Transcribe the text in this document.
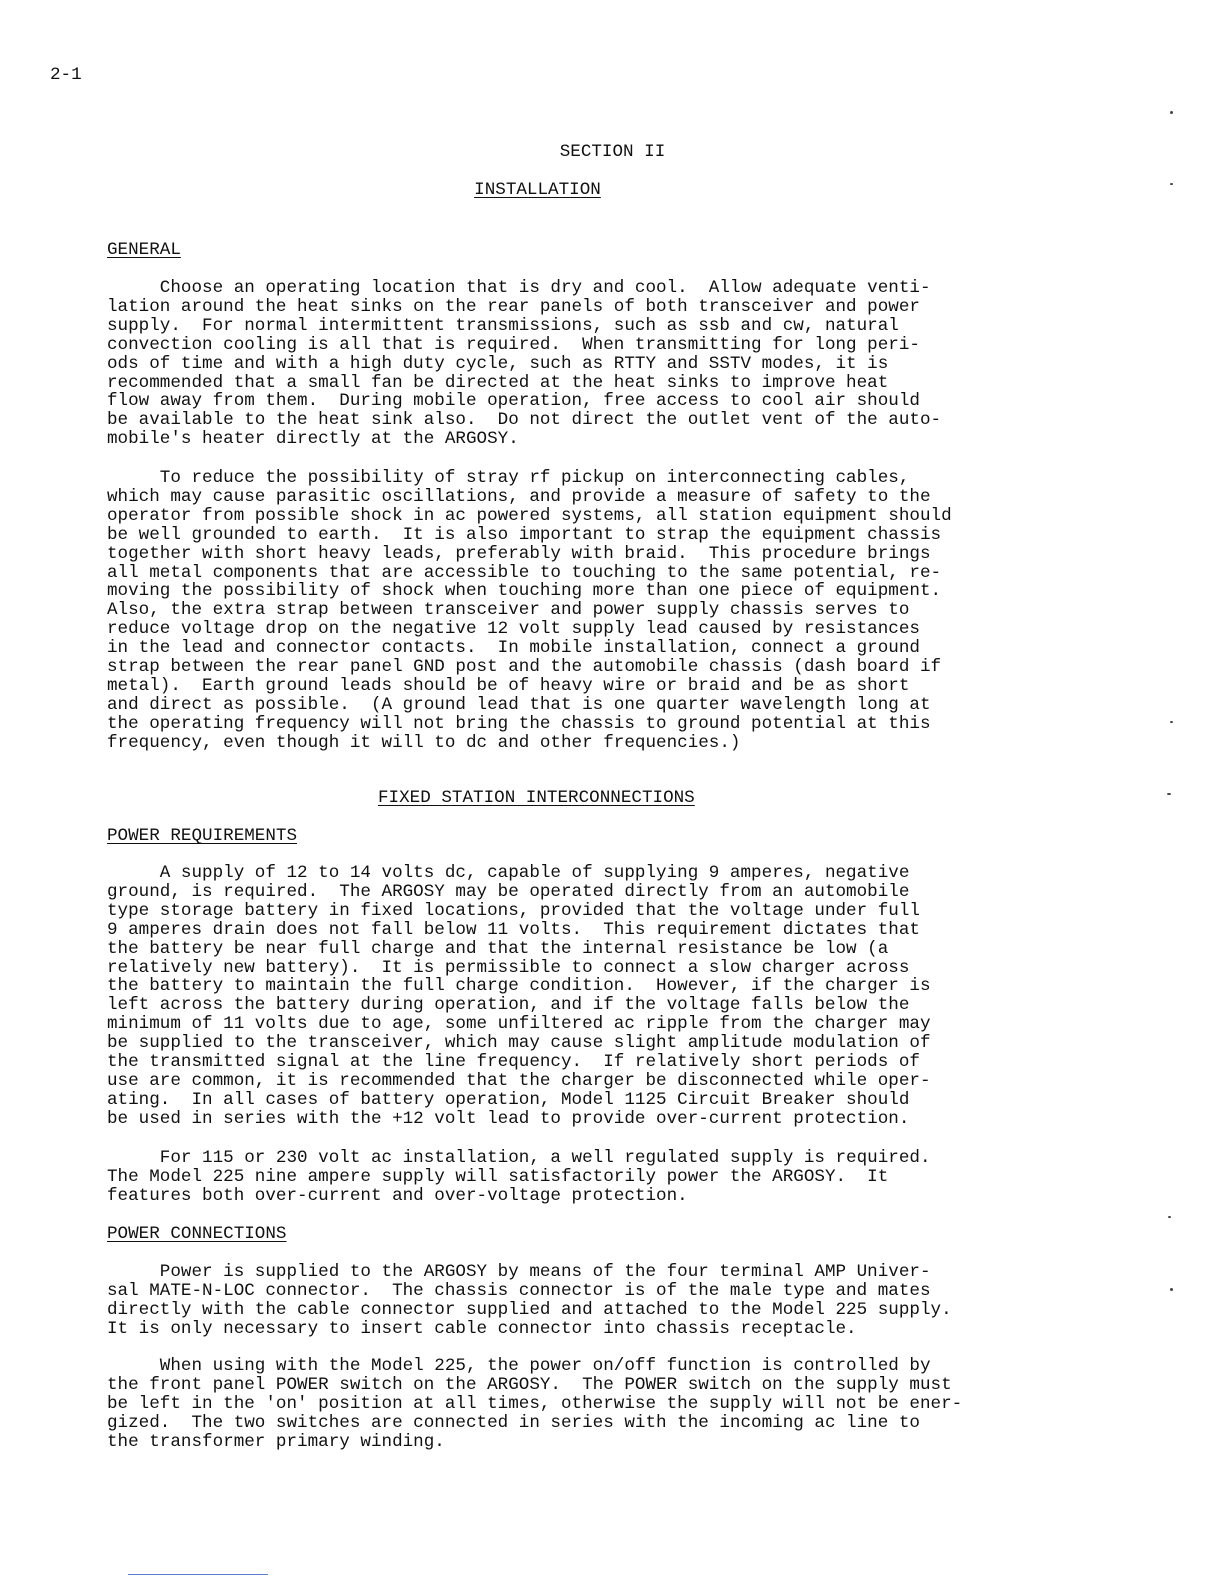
2-1
SECTION II
INSTALLATION
GENERAL
Choose an operating location that is dry and cool.  Allow adequate venti-
lation around the heat sinks on the rear panels of both transceiver and power
supply.  For normal intermittent transmissions, such as ssb and cw, natural
convection cooling is all that is required.  When transmitting for long peri-
ods of time and with a high duty cycle, such as RTTY and SSTV modes, it is
recommended that a small fan be directed at the heat sinks to improve heat
flow away from them.  During mobile operation, free access to cool air should
be available to the heat sink also.  Do not direct the outlet vent of the auto-
mobile's heater directly at the ARGOSY.
To reduce the possibility of stray rf pickup on interconnecting cables,
which may cause parasitic oscillations, and provide a measure of safety to the
operator from possible shock in ac powered systems, all station equipment should
be well grounded to earth.  It is also important to strap the equipment chassis
together with short heavy leads, preferably with braid.  This procedure brings
all metal components that are accessible to touching to the same potential, re-
moving the possibility of shock when touching more than one piece of equipment.
Also, the extra strap between transceiver and power supply chassis serves to
reduce voltage drop on the negative 12 volt supply lead caused by resistances
in the lead and connector contacts.  In mobile installation, connect a ground
strap between the rear panel GND post and the automobile chassis (dash board if
metal).  Earth ground leads should be of heavy wire or braid and be as short
and direct as possible.  (A ground lead that is one quarter wavelength long at
the operating frequency will not bring the chassis to ground potential at this
frequency, even though it will to dc and other frequencies.)
FIXED STATION INTERCONNECTIONS
POWER REQUIREMENTS
A supply of 12 to 14 volts dc, capable of supplying 9 amperes, negative
ground, is required.  The ARGOSY may be operated directly from an automobile
type storage battery in fixed locations, provided that the voltage under full
9 amperes drain does not fall below 11 volts.  This requirement dictates that
the battery be near full charge and that the internal resistance be low (a
relatively new battery).  It is permissible to connect a slow charger across
the battery to maintain the full charge condition.  However, if the charger is
left across the battery during operation, and if the voltage falls below the
minimum of 11 volts due to age, some unfiltered ac ripple from the charger may
be supplied to the transceiver, which may cause slight amplitude modulation of
the transmitted signal at the line frequency.  If relatively short periods of
use are common, it is recommended that the charger be disconnected while oper-
ating.  In all cases of battery operation, Model 1125 Circuit Breaker should
be used in series with the +12 volt lead to provide over-current protection.
For 115 or 230 volt ac installation, a well regulated supply is required.
The Model 225 nine ampere supply will satisfactorily power the ARGOSY.  It
features both over-current and over-voltage protection.
POWER CONNECTIONS
Power is supplied to the ARGOSY by means of the four terminal AMP Univer-
sal MATE-N-LOC connector.  The chassis connector is of the male type and mates
directly with the cable connector supplied and attached to the Model 225 supply.
It is only necessary to insert cable connector into chassis receptacle.
When using with the Model 225, the power on/off function is controlled by
the front panel POWER switch on the ARGOSY.  The POWER switch on the supply must
be left in the 'on' position at all times, otherwise the supply will not be ener-
gized.  The two switches are connected in series with the incoming ac line to
the transformer primary winding.
